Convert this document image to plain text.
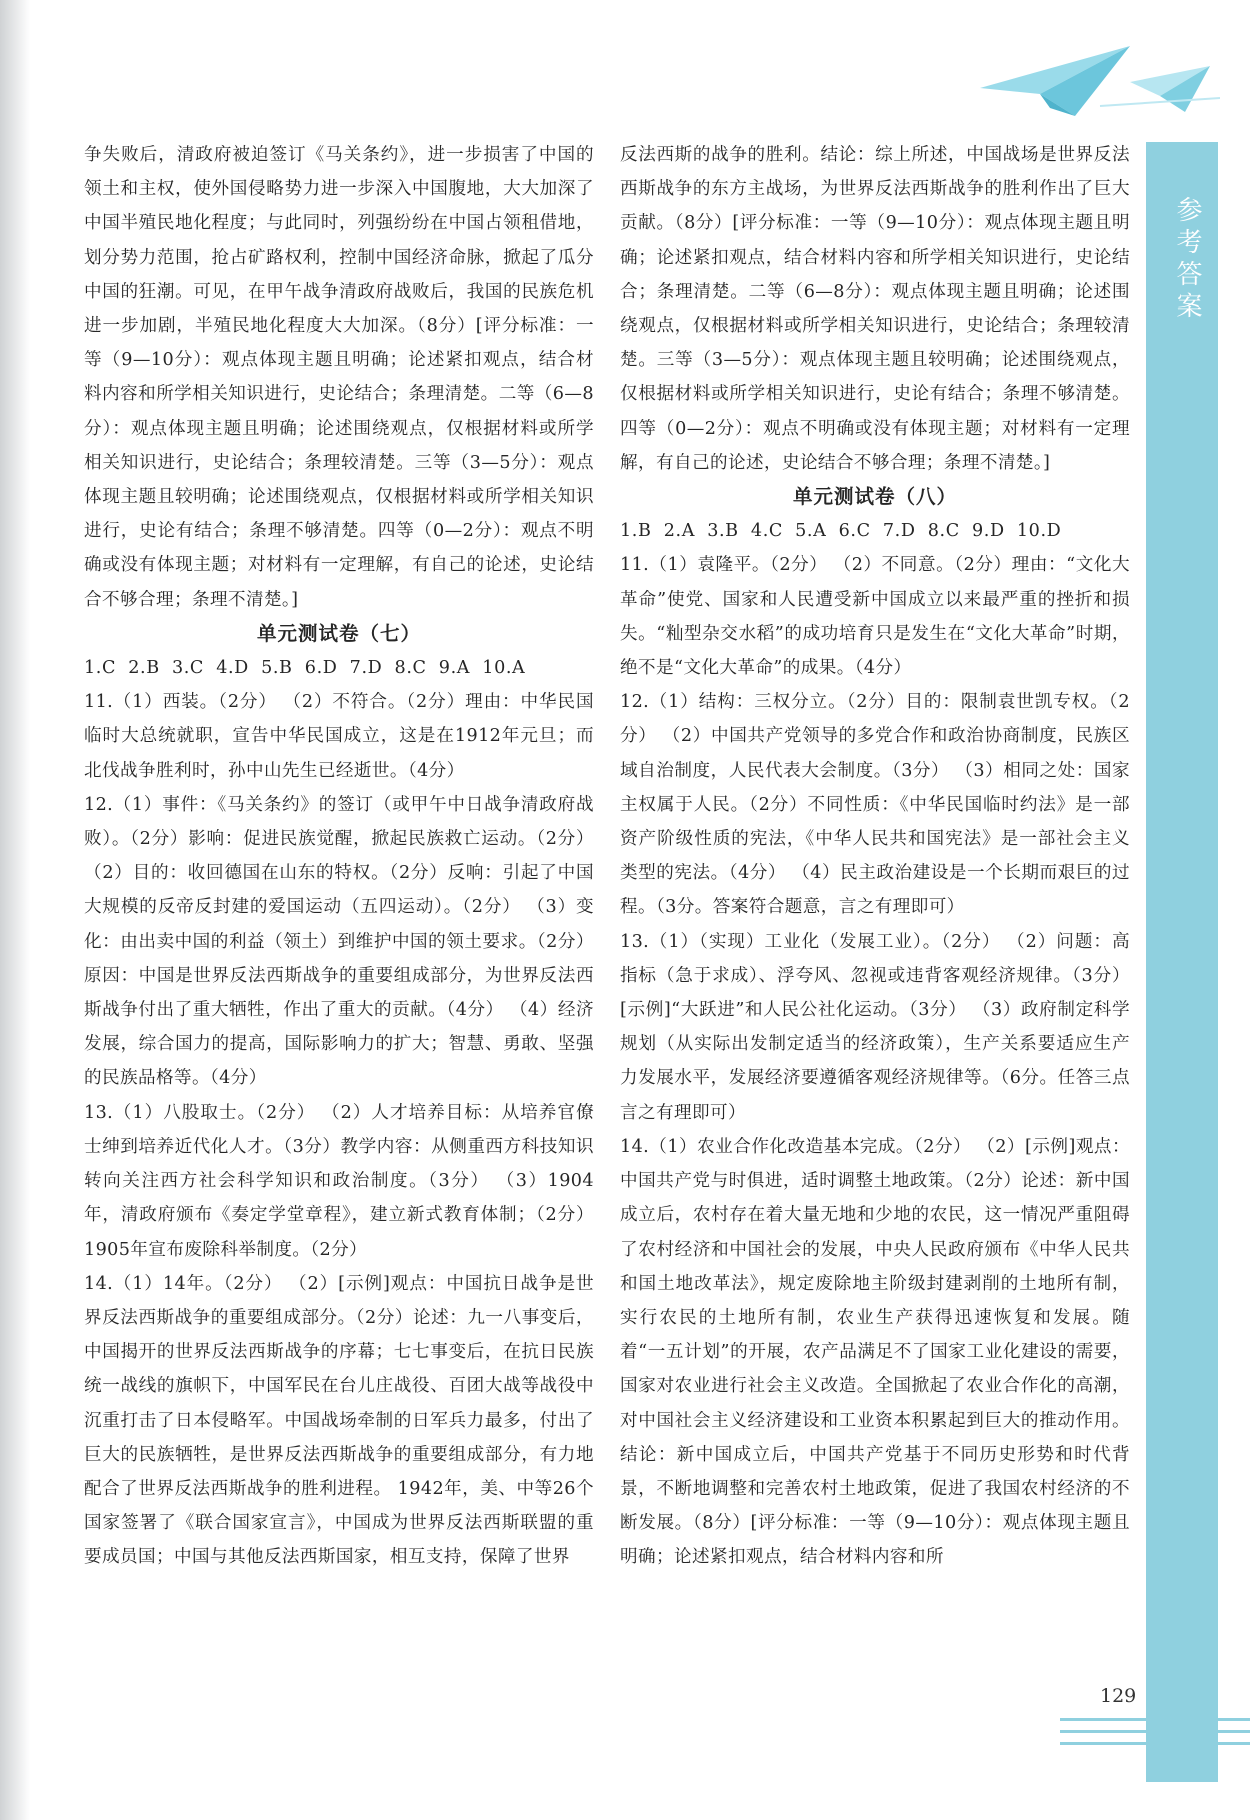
参考答案

争失败后，清政府被迫签订《马关条约》，进一步损害了中国的领土和主权，使外国侵略势力进一步深入中国腹地，大大加深了中国半殖民地化程度；与此同时，列强纷纷在中国占领租借地，划分势力范围，抢占矿路权利，控制中国经济命脉，掀起了瓜分中国的狂潮。可见，在甲午战争清政府战败后，我国的民族危机进一步加剧，半殖民地化程度大大加深。（8分）[评分标准：一等（9—10分）：观点体现主题且明确；论述紧扣观点，结合材料内容和所学相关知识进行，史论结合；条理清楚。二等（6—8分）：观点体现主题且明确；论述围绕观点，仅根据材料或所学相关知识进行，史论结合；条理较清楚。三等（3—5分）：观点体现主题且较明确；论述围绕观点，仅根据材料或所学相关知识进行，史论有结合；条理不够清楚。四等（0—2分）：观点不明确或没有体现主题；对材料有一定理解，有自己的论述，史论结合不够合理；条理不清楚。]

单元测试卷（七）

1.C 2.B 3.C 4.D 5.B 6.D 7.D 8.C 9.A 10.A

11.（1）西装。（2分） （2）不符合。（2分）理由：中华民国临时大总统就职，宣告中华民国成立，这是在1912年元旦；而北伐战争胜利时，孙中山先生已经逝世。（4分）

12.（1）事件：《马关条约》的签订（或甲午中日战争清政府战败）。（2分）影响：促进民族觉醒，掀起民族救亡运动。（2分） （2）目的：收回德国在山东的特权。（2分）反响：引起了中国大规模的反帝反封建的爱国运动（五四运动）。（2分） （3）变化：由出卖中国的利益（领土）到维护中国的领土要求。（2分）原因：中国是世界反法西斯战争的重要组成部分，为世界反法西斯战争付出了重大牺牲，作出了重大的贡献。（4分） （4）经济发展，综合国力的提高，国际影响力的扩大；智慧、勇敢、坚强的民族品格等。（4分）

13.（1）八股取士。（2分） （2）人才培养目标：从培养官僚士绅到培养近代化人才。（3分）教学内容：从侧重西方科技知识转向关注西方社会科学知识和政治制度。（3分） （3）1904年，清政府颁布《奏定学堂章程》，建立新式教育体制；（2分）1905年宣布废除科举制度。（2分）

14.（1）14年。（2分） （2）[示例]观点：中国抗日战争是世界反法西斯战争的重要组成部分。（2分）论述：九一八事变后，中国揭开的世界反法西斯战争的序幕；七七事变后，在抗日民族统一战线的旗帜下，中国军民在台儿庄战役、百团大战等战役中沉重打击了日本侵略军。中国战场牵制的日军兵力最多，付出了巨大的民族牺牲，是世界反法西斯战争的重要组成部分，有力地配合了世界反法西斯战争的胜利进程。 1942年，美、中等26个国家签署了《联合国家宣言》，中国成为世界反法西斯联盟的重要成员国；中国与其他反法西斯国家，相互支持，保障了世界

反法西斯的战争的胜利。结论：综上所述，中国战场是世界反法西斯战争的东方主战场，为世界反法西斯战争的胜利作出了巨大贡献。（8分）[评分标准：一等（9—10分）：观点体现主题且明确；论述紧扣观点，结合材料内容和所学相关知识进行，史论结合；条理清楚。二等（6—8分）：观点体现主题且明确；论述围绕观点，仅根据材料或所学相关知识进行，史论结合；条理较清楚。三等（3—5分）：观点体现主题且较明确；论述围绕观点，仅根据材料或所学相关知识进行，史论有结合；条理不够清楚。四等（0—2分）：观点不明确或没有体现主题；对材料有一定理解，有自己的论述，史论结合不够合理；条理不清楚。]

单元测试卷（八）

1.B 2.A 3.B 4.C 5.A 6.C 7.D 8.C 9.D 10.D

11.（1）袁隆平。（2分） （2）不同意。（2分）理由：“文化大革命”使党、国家和人民遭受新中国成立以来最严重的挫折和损失。“籼型杂交水稻”的成功培育只是发生在“文化大革命”时期，绝不是“文化大革命”的成果。（4分）

12.（1）结构：三权分立。（2分）目的：限制袁世凯专权。（2分） （2）中国共产党领导的多党合作和政治协商制度，民族区域自治制度，人民代表大会制度。（3分） （3）相同之处：国家主权属于人民。（2分）不同性质：《中华民国临时约法》是一部资产阶级性质的宪法，《中华人民共和国宪法》是一部社会主义类型的宪法。（4分） （4）民主政治建设是一个长期而艰巨的过程。（3分。答案符合题意，言之有理即可）

13.（1）（实现）工业化（发展工业）。（2分） （2）问题：高指标（急于求成）、浮夸风、忽视或违背客观经济规律。（3分）[示例]“大跃进”和人民公社化运动。（3分） （3）政府制定科学规划（从实际出发制定适当的经济政策），生产关系要适应生产力发展水平，发展经济要遵循客观经济规律等。（6分。任答三点言之有理即可）

14.（1）农业合作化改造基本完成。（2分） （2）[示例]观点：中国共产党与时俱进，适时调整土地政策。（2分）论述：新中国成立后，农村存在着大量无地和少地的农民，这一情况严重阻碍了农村经济和中国社会的发展，中央人民政府颁布《中华人民共和国土地改革法》，规定废除地主阶级封建剥削的土地所有制，实行农民的土地所有制，农业生产获得迅速恢复和发展。随着“一五计划”的开展，农产品满足不了国家工业化建设的需要，国家对农业进行社会主义改造。全国掀起了农业合作化的高潮，对中国社会主义经济建设和工业资本积累起到巨大的推动作用。结论：新中国成立后，中国共产党基于不同历史形势和时代背景，不断地调整和完善农村土地政策，促进了我国农村经济的不断发展。（8分）[评分标准：一等（9—10分）：观点体现主题且明确；论述紧扣观点，结合材料内容和所

129
